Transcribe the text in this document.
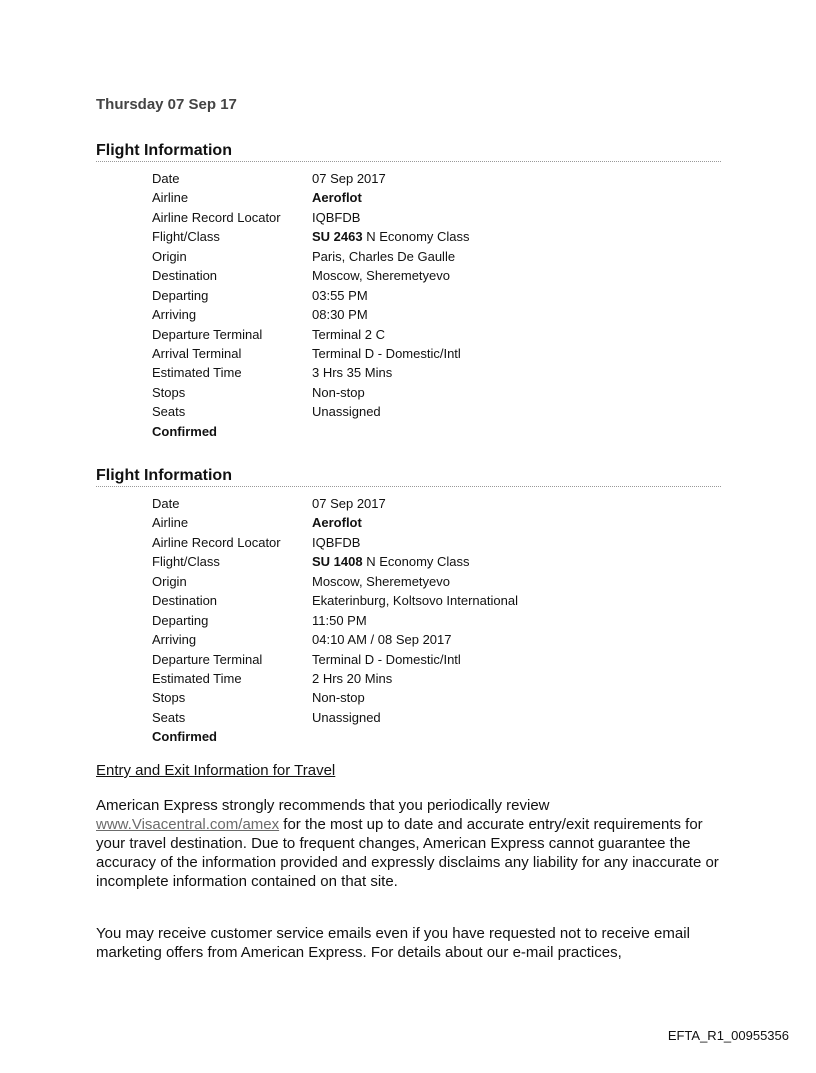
Thursday 07 Sep 17
Flight Information
Date	07 Sep 2017
Airline	Aeroflot
Airline Record Locator IQBFDB
Flight/Class	SU 2463 N Economy Class
Origin	Paris, Charles De Gaulle
Destination	Moscow, Sheremetyevo
Departing	03:55 PM
Arriving	08:30 PM
Departure Terminal	Terminal 2 C
Arrival Terminal	Terminal D - Domestic/Intl
Estimated Time	3 Hrs 35 Mins
Stops	Non-stop
Seats	Unassigned
Confirmed
Flight Information
Date	07 Sep 2017
Airline	Aeroflot
Airline Record Locator IQBFDB
Flight/Class	SU 1408 N Economy Class
Origin	Moscow, Sheremetyevo
Destination	Ekaterinburg, Koltsovo International
Departing	11:50 PM
Arriving	04:10 AM / 08 Sep 2017
Departure Terminal	Terminal D - Domestic/Intl
Estimated Time	2 Hrs 20 Mins
Stops	Non-stop
Seats	Unassigned
Confirmed
Entry and Exit Information for Travel
American Express strongly recommends that you periodically review
www.Visacentral.com/amex for the most up to date and accurate entry/exit requirements for your travel destination. Due to frequent changes, American Express cannot guarantee the accuracy of the information provided and expressly disclaims any liability for any inaccurate or incomplete information contained on that site.
You may receive customer service emails even if you have requested not to receive email marketing offers from American Express. For details about our e-mail practices,
EFTA_R1_00955356
